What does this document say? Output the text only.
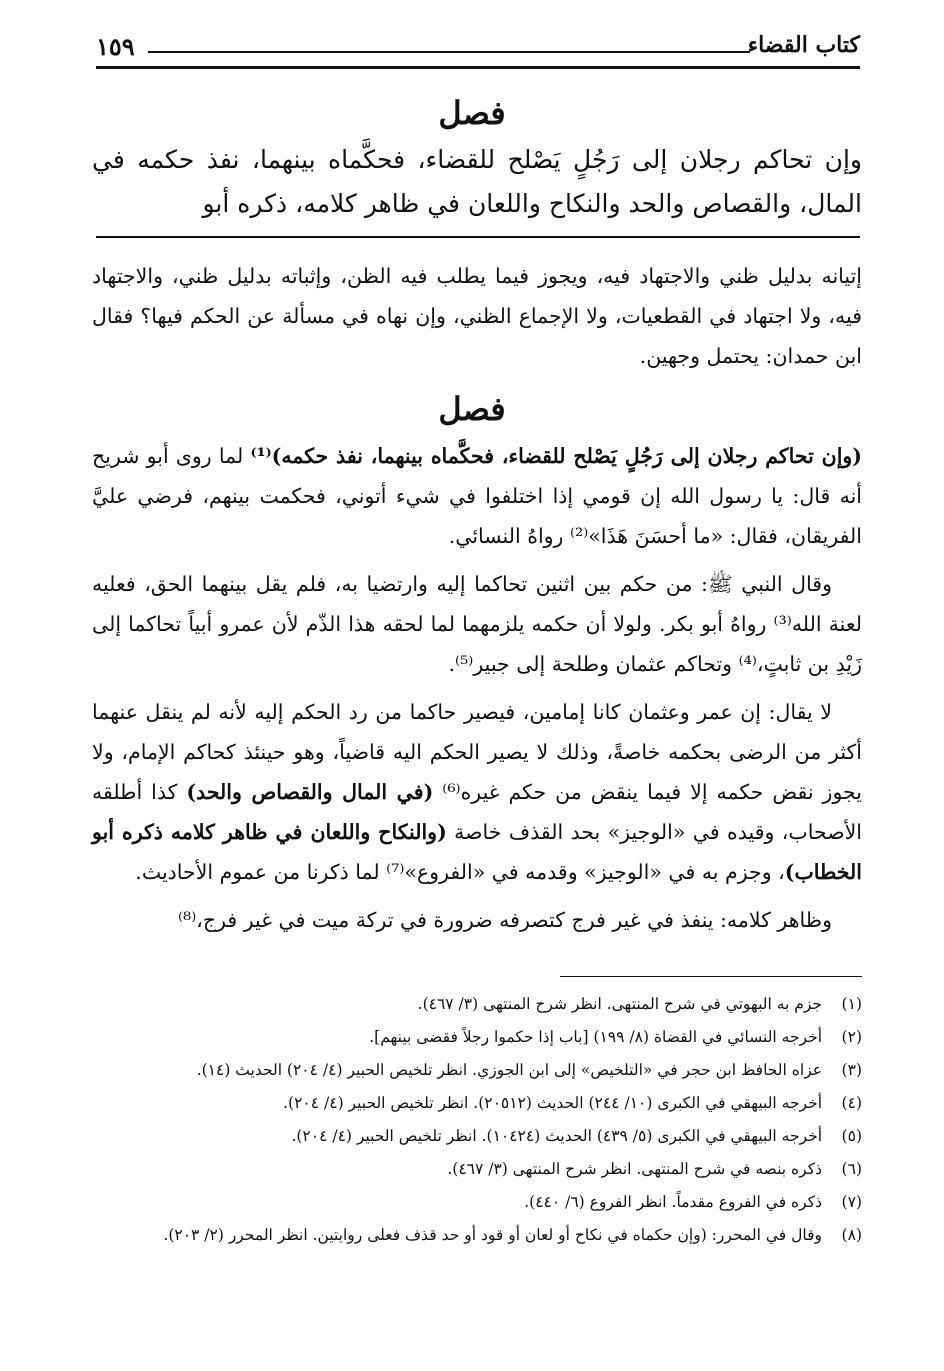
كتاب القضاء
١٥٩
فصل
وإن تحاكم رجلان إلى رَجُلٍ يَصْلح للقضاء، فحكَّماه بينهما، نفذ حكمه في المال، والقصاص والحد والنكاح واللعان في ظاهر كلامه، ذكره أبو

إتيانه بدليل ظني والاجتهاد فيه، ويجوز فيما يطلب فيه الظن، وإثباته بدليل ظني، والاجتهاد فيه، ولا اجتهاد في القطعيات، ولا الإجماع الظني، وإن نهاه في مسألة عن الحكم فيها؟ فقال ابن حمدان: يحتمل وجهين.

فصل

(وإن تحاكم رجلان إلى رَجُلٍ يَصْلح للقضاء، فحكَّماه بينهما، نفذ حكمه)⁽¹⁾ لما روى أبو شريح أنه قال: يا رسول الله إن قومي إذا اختلفوا في شيء أتوني، فحكمت بينهم، فرضي عليَّ الفريقان، فقال: «ما أحسَنَ هَذَا»⁽²⁾ رواهُ النسائي.

وقال النبي ﷺ: من حكم بين اثنين تحاكما إليه وارتضيا به، فلم يقل بينهما الحق، فعليه لعنة الله⁽³⁾ رواهُ أبو بكر. ولولا أن حكمه يلزمهما لما لحقه هذا الذّم لأن عمرو أبياً تحاكما إلى زَيْدِ بن ثابتٍ،⁽⁴⁾ وتحاكم عثمان وطلحة إلى جبير⁽⁵⁾.

لا يقال: إن عمر وعثمان كانا إمامين، فيصير حاكما من رد الحكم إليه لأنه لم ينقل عنهما أكثر من الرضى بحكمه خاصةً، وذلك لا يصير الحكم اليه قاضياً، وهو حينئذ كحاكم الإمام، ولا يجوز نقض حكمه إلا فيما ينقض من حكم غيره⁽⁶⁾ (في المال والقصاص والحد) كذا أطلقه الأصحاب، وقيده في «الوجيز» بحد القذف خاصة (والنكاح واللعان في ظاهر كلامه ذكره أبو الخطاب)، وجزم به في «الوجيز» وقدمه في «الفروع»⁽⁷⁾ لما ذكرنا من عموم الأحاديث.

وظاهر كلامه: ينفذ في غير فرج كتصرفه ضرورة في تركة ميت في غير فرج،⁽⁸⁾

(١)
جزم به البهوتي في شرح المنتهى. انظر شرح المنتهى (٣/ ٤٦٧).
(٢)
أخرجه النسائي في القضاة (٨/ ١٩٩) [باب إذا حكموا رجلاً فقضى بينهم].
(٣)
عزاه الحافظ ابن حجر في «التلخيص» إلى ابن الجوزي. انظر تلخيص الحبير (٤/ ٢٠٤) الحديث (١٤).
(٤)
أخرجه البيهقي في الكبرى (١٠/ ٢٤٤) الحديث (٢٠٥١٢). انظر تلخيص الحبير (٤/ ٢٠٤).
(٥)
أخرجه البيهقي في الكبرى (٥/ ٤٣٩) الحديث (١٠٤٢٤). انظر تلخيص الحبير (٤/ ٢٠٤).
(٦)
ذكره بنصه في شرح المنتهى. انظر شرح المنتهى (٣/ ٤٦٧).
(٧)
ذكره في الفروع مقدماً. انظر الفروع (٦/ ٤٤٠).
(٨)
وقال في المحرر: (وإن حكماه في نكاح أو لعان أو قود أو حد قذف فعلى روايتين. انظر المحرر (٢/ ٢٠٣).
